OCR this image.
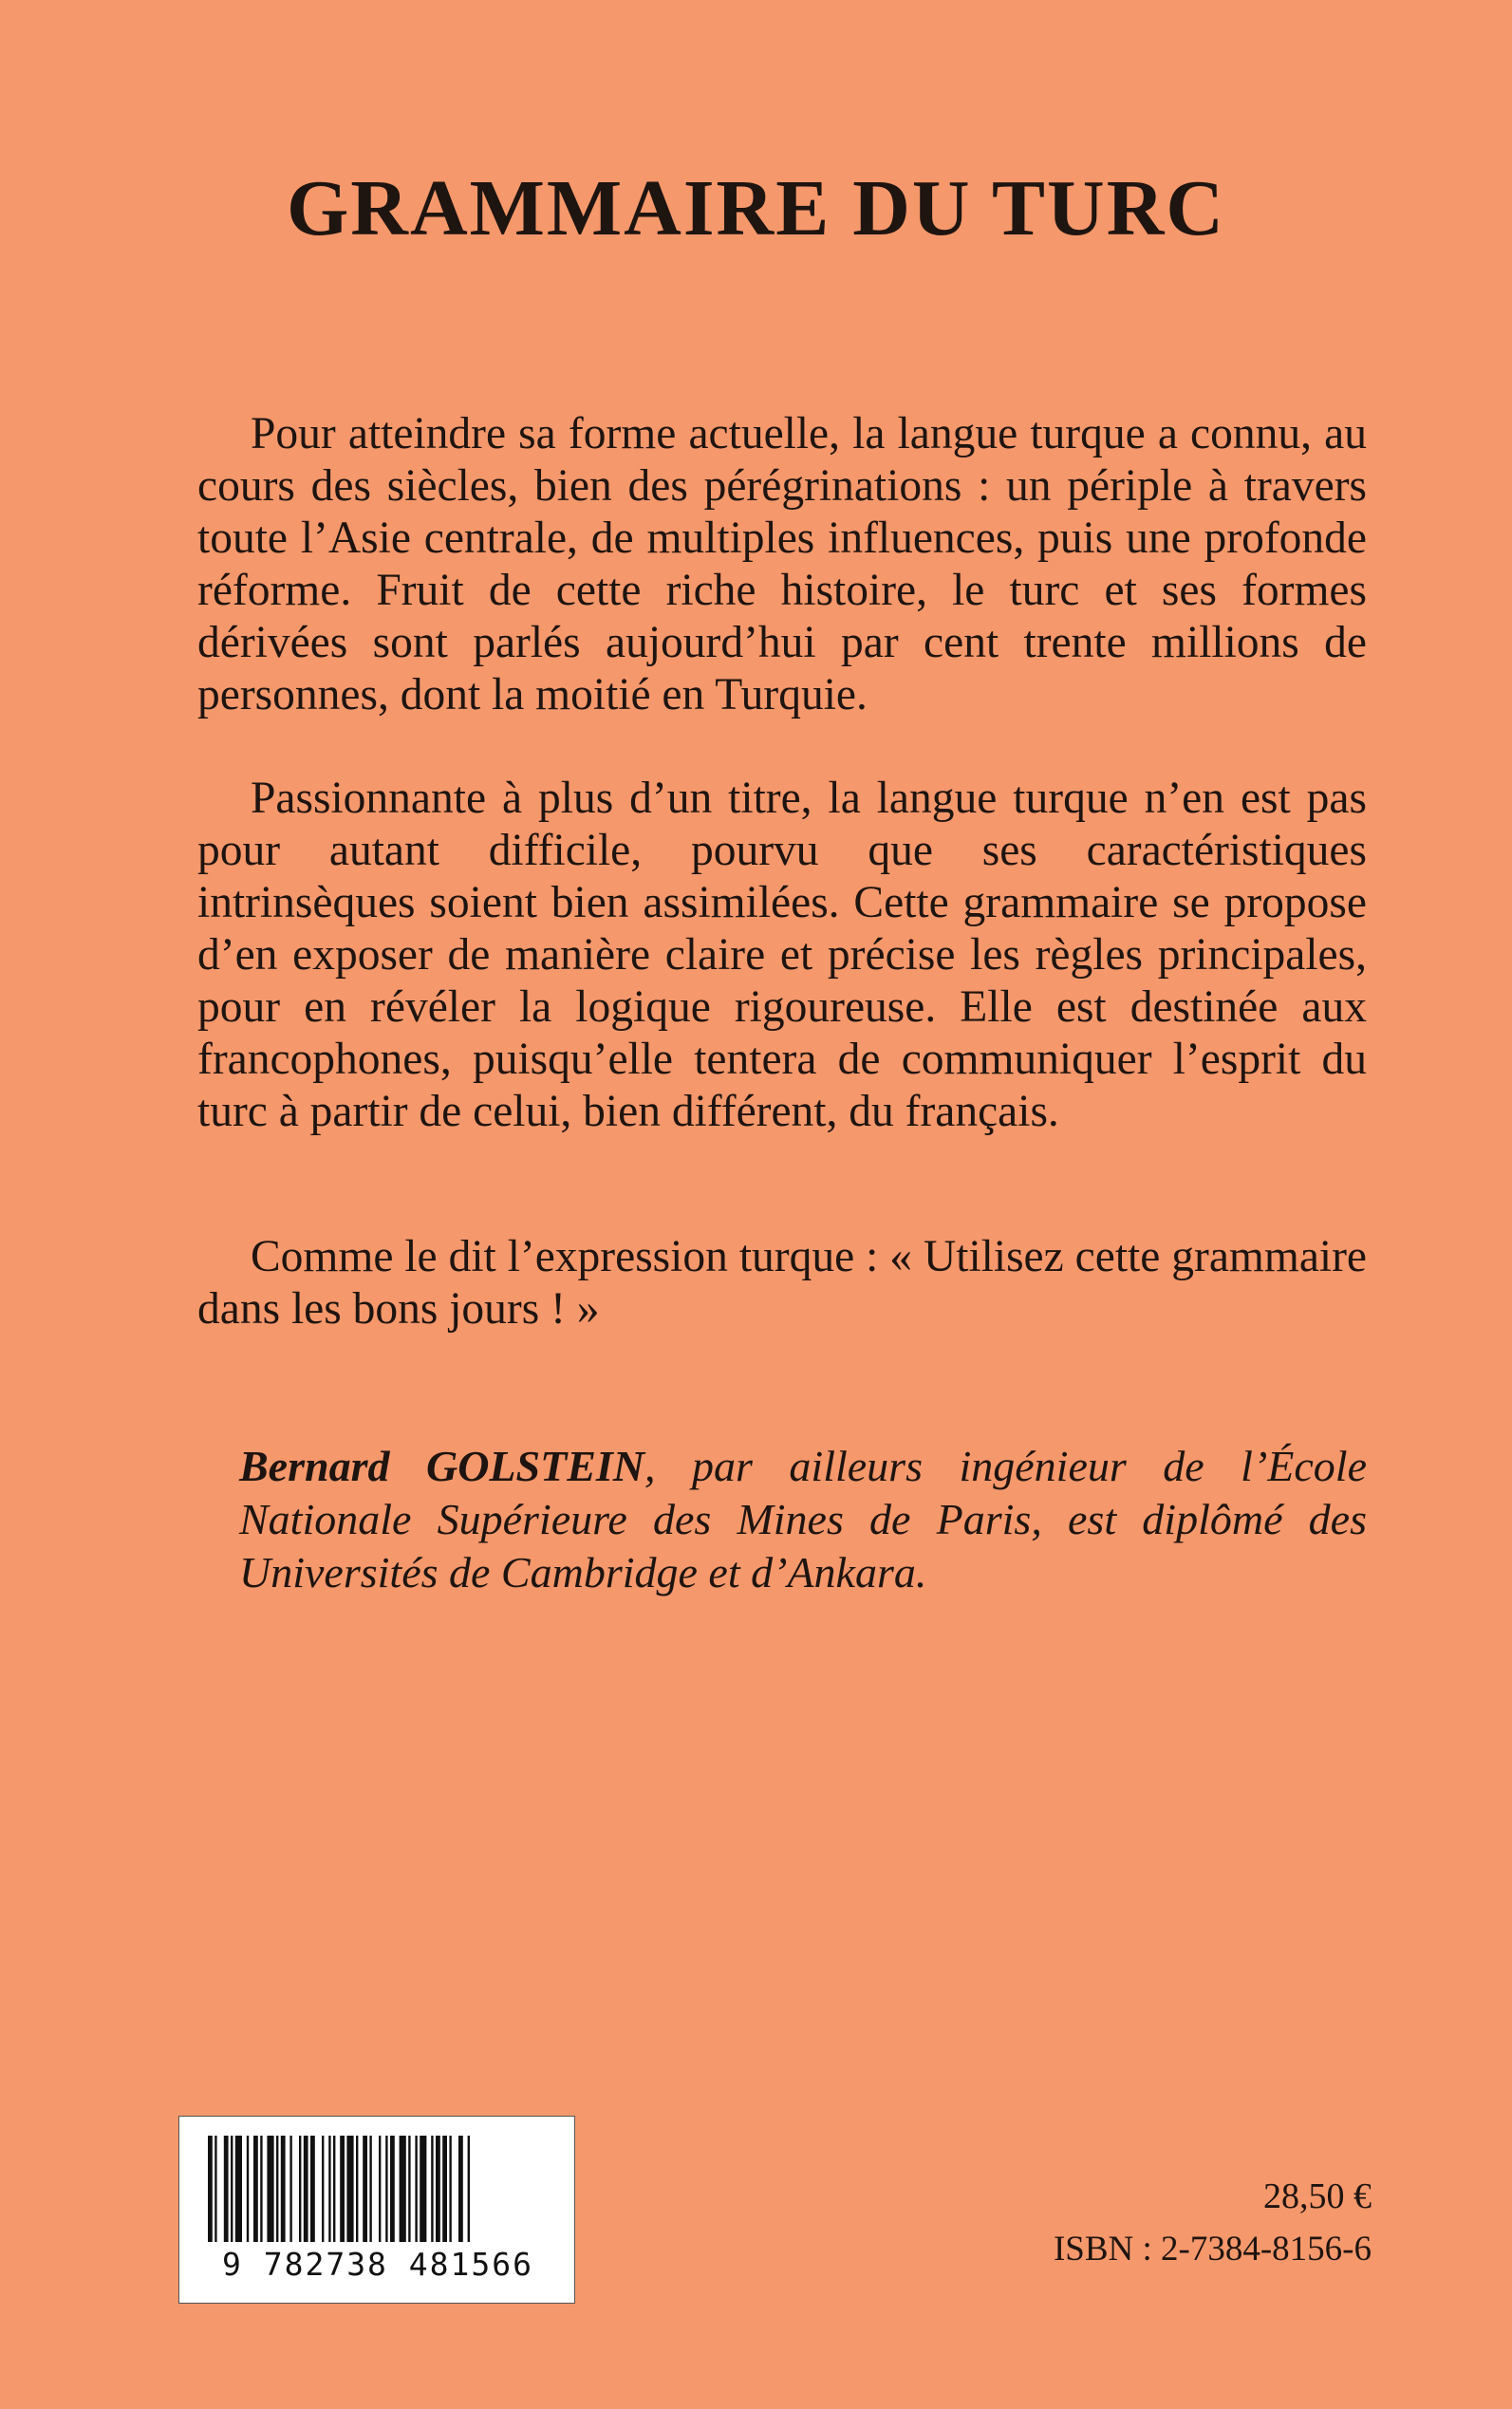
GRAMMAIRE DU TURC

Pour atteindre sa forme actuelle, la langue turque a connu, au cours des siècles, bien des pérégrinations : un périple à travers toute l’Asie centrale, de multiples influences, puis une profonde réforme. Fruit de cette riche histoire, le turc et ses formes dérivées sont parlés aujourd’hui par cent trente millions de personnes, dont la moitié en Turquie.

Passionnante à plus d’un titre, la langue turque n’en est pas pour autant difficile, pourvu que ses caractéristiques intrinsèques soient bien assimilées. Cette grammaire se propose d’en exposer de manière claire et précise les règles principales, pour en révéler la logique rigoureuse. Elle est destinée aux francophones, puisqu’elle tentera de communiquer l’esprit du turc à partir de celui, bien différent, du français.

Comme le dit l’expression turque : « Utilisez cette grammaire dans les bons jours ! »

Bernard GOLSTEIN, par ailleurs ingénieur de l’École Nationale Supérieure des Mines de Paris, est diplômé des Universités de Cambridge et d’Ankara.

9 782738 481566

28,50 €

ISBN : 2-7384-8156-6
